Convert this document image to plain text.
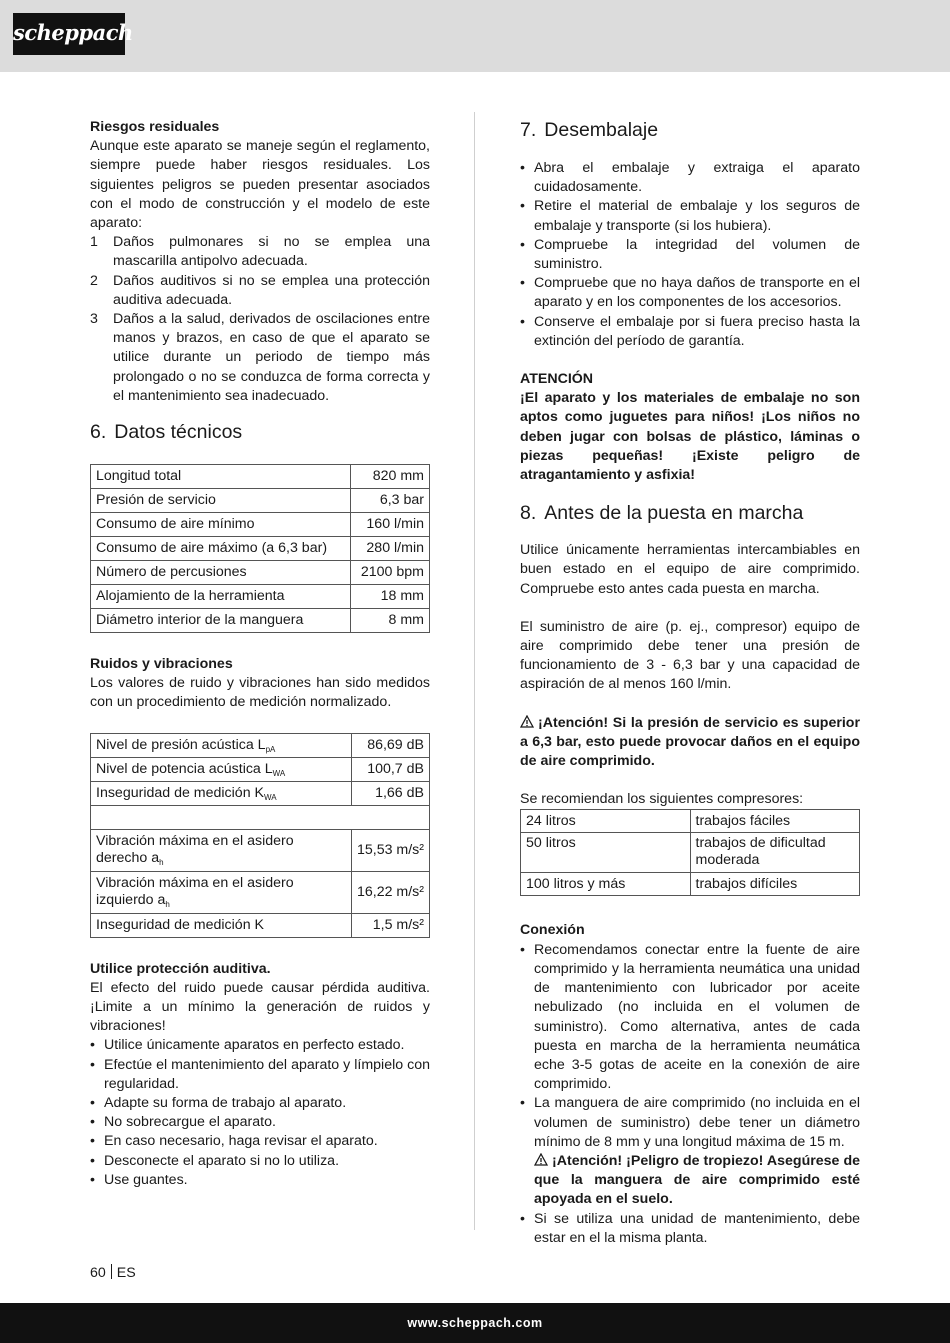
scheppach
Riesgos residuales

Aunque este aparato se maneje según el reglamento, siempre puede haber riesgos residuales. Los siguientes peligros se pueden presentar asociados con el modo de construcción y el modelo de este aparato:

1 Daños pulmonares si no se emplea una mascarilla antipolvo adecuada.
2 Daños auditivos si no se emplea una protección auditiva adecuada.
3 Daños a la salud, derivados de oscilaciones entre manos y brazos, en caso de que el aparato se utilice durante un periodo de tiempo más prolongado o no se conduzca de forma correcta y el mantenimiento sea inadecuado.
6. Datos técnicos
Longitud total	820 mm
Presión de servicio	6,3 bar
Consumo de aire mínimo	160 l/min
Consumo de aire máximo (a 6,3 bar)	280 l/min
Número de percusiones	2100 bpm
Alojamiento de la herramienta	18 mm
Diámetro interior de la manguera	8 mm
Ruidos y vibraciones

Los valores de ruido y vibraciones han sido medidos con un procedimiento de medición normalizado.

Nivel de presión acústica $L_{pA}$	86,69 dB
Nivel de potencia acústica $L_{WA}$	100,7 dB
Inseguridad de medición $K_{WA}$	1,66 dB

Vibración máxima en el asidero derecho $a_h$	15,53 m/s²
Vibración máxima en el asidero izquierdo $a_h$	16,22 m/s²
Inseguridad de medición K	1,5 m/s²
Utilice protección auditiva.

El efecto del ruido puede causar pérdida auditiva. ¡Limite a un mínimo la generación de ruidos y vibraciones!

• Utilice únicamente aparatos en perfecto estado.
• Efectúe el mantenimiento del aparato y límpielo con regularidad.
• Adapte su forma de trabajo al aparato.
• No sobrecargue el aparato.
• En caso necesario, haga revisar el aparato.
• Desconecte el aparato si no lo utiliza.
• Use guantes.
7. Desembalaje
• Abra el embalaje y extraiga el aparato cuidadosamente.
• Retire el material de embalaje y los seguros de embalaje y transporte (si los hubiera).
• Compruebe la integridad del volumen de suministro.
• Compruebe que no haya daños de transporte en el aparato y en los componentes de los accesorios.
• Conserve el embalaje por si fuera preciso hasta la extinción del período de garantía.
ATENCIÓN

¡El aparato y los materiales de embalaje no son aptos como juguetes para niños! ¡Los niños no deben jugar con bolsas de plástico, láminas o piezas pequeñas! ¡Existe peligro de atragantamiento y asfixia!

8. Antes de la puesta en marcha

Utilice únicamente herramientas intercambiables en buen estado en el equipo de aire comprimido. Compruebe esto antes cada puesta en marcha.

El suministro de aire (p. ej., compresor) equipo de aire comprimido debe tener una presión de funcionamiento de 3 - 6,3 bar y una capacidad de aspiración de al menos 160 l/min.

¡Atención! Si la presión de servicio es superior a 6,3 bar, esto puede provocar daños en el equipo de aire comprimido.

Se recomiendan los siguientes compresores:

24 litros	trabajos fáciles
50 litros	trabajos de dificultad moderada
100 litros y más	trabajos difíciles
Conexión
• Recomendamos conectar entre la fuente de aire comprimido y la herramienta neumática una unidad de mantenimiento con lubricador por aceite nebulizado (no incluida en el volumen de suministro). Como alternativa, antes de cada puesta en marcha de la herramienta neumática eche 3-5 gotas de aceite en la conexión de aire comprimido.
• La manguera de aire comprimido (no incluida en el volumen de suministro) debe tener un diámetro mínimo de 8 mm y una longitud máxima de 15 m.
¡Atención! ¡Peligro de tropiezo! Asegúrese de que la manguera de aire comprimido esté apoyada en el suelo.
• Si se utiliza una unidad de mantenimiento, debe estar en el la misma planta.
60 ES
www.scheppach.com
